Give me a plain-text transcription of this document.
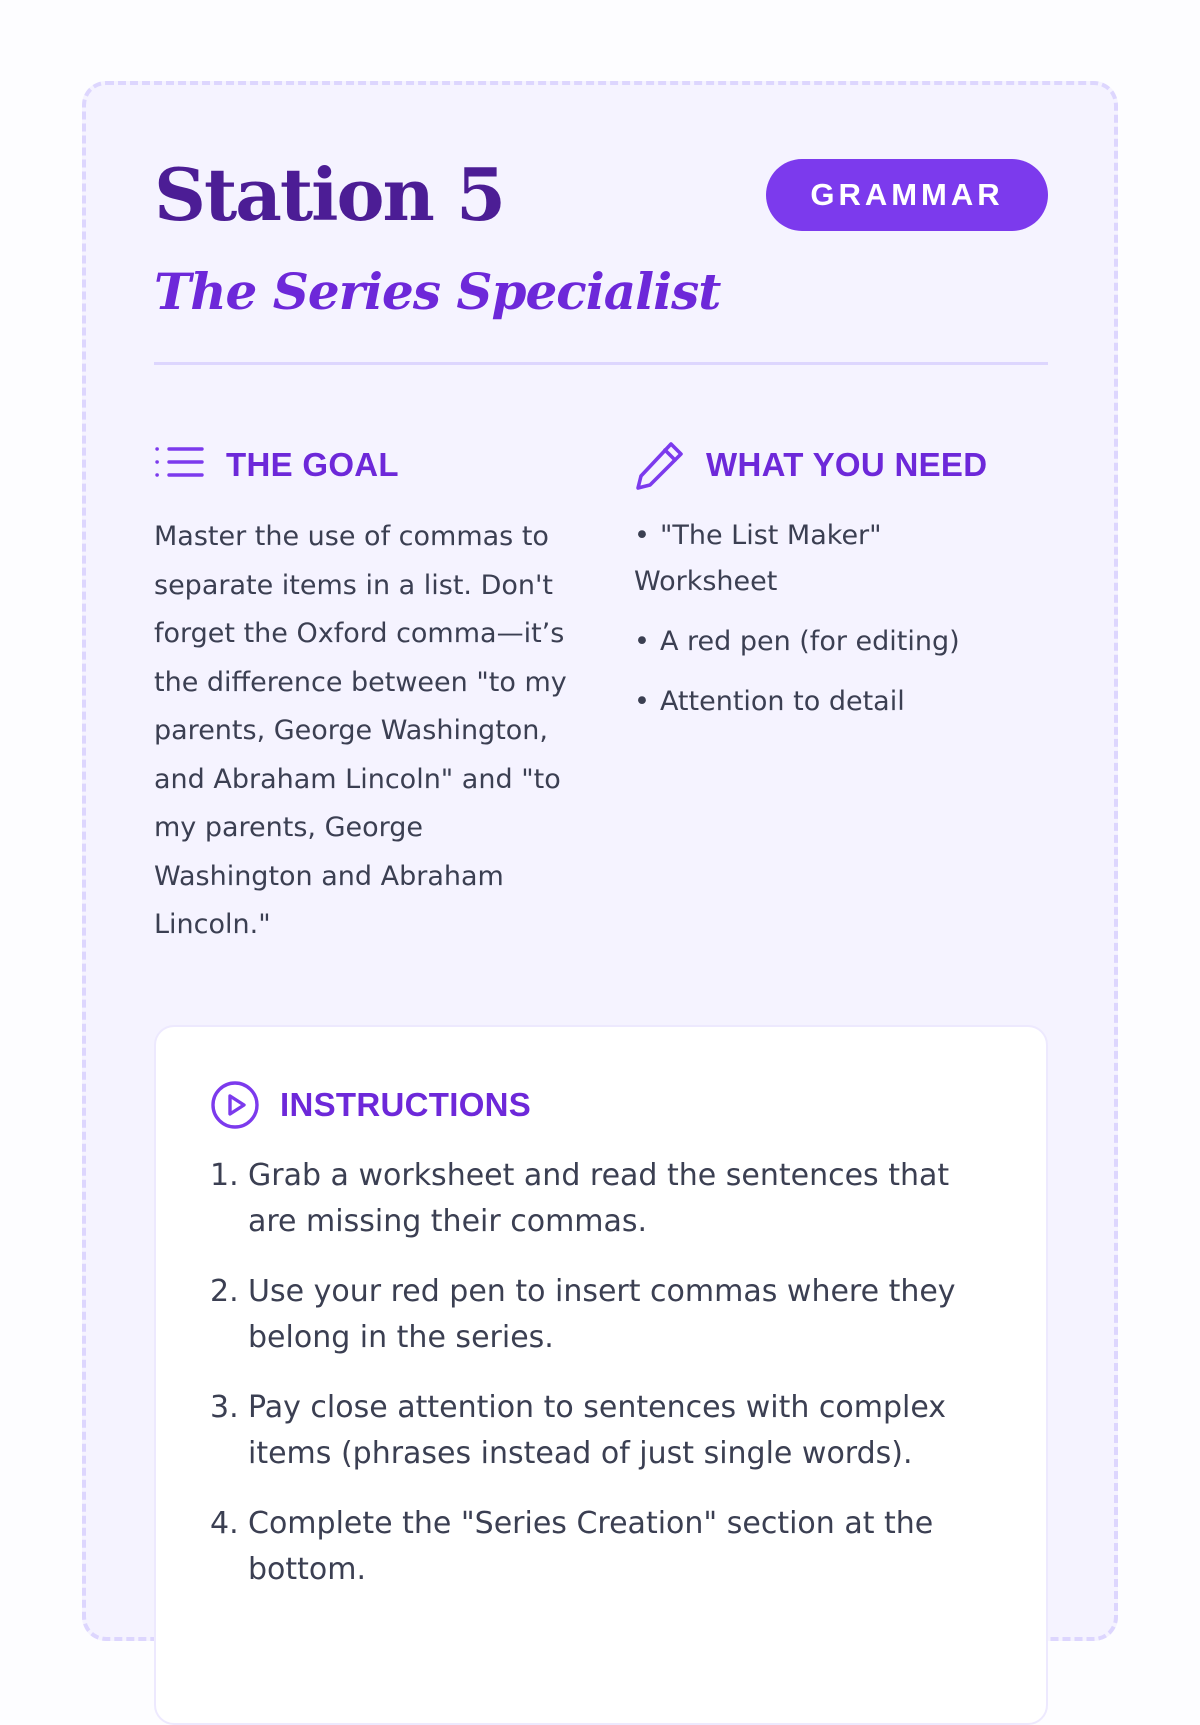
Station 5	GRAMMAR
The Series Specialist
THE GOAL

Master the use of commas to separate items in a list. Don't forget the Oxford comma—it’s the difference between "to my parents, George Washington, and Abraham Lincoln" and "to my parents, George Washington and Abraham Lincoln."

WHAT YOU NEED
• "The List Maker" Worksheet
• A red pen (for editing)
• Attention to detail
INSTRUCTIONS
1. Grab a worksheet and read the sentences that are missing their commas.
2. Use your red pen to insert commas where they belong in the series.
3. Pay close attention to sentences with complex items (phrases instead of just single words).
4. Complete the "Series Creation" section at the bottom.
